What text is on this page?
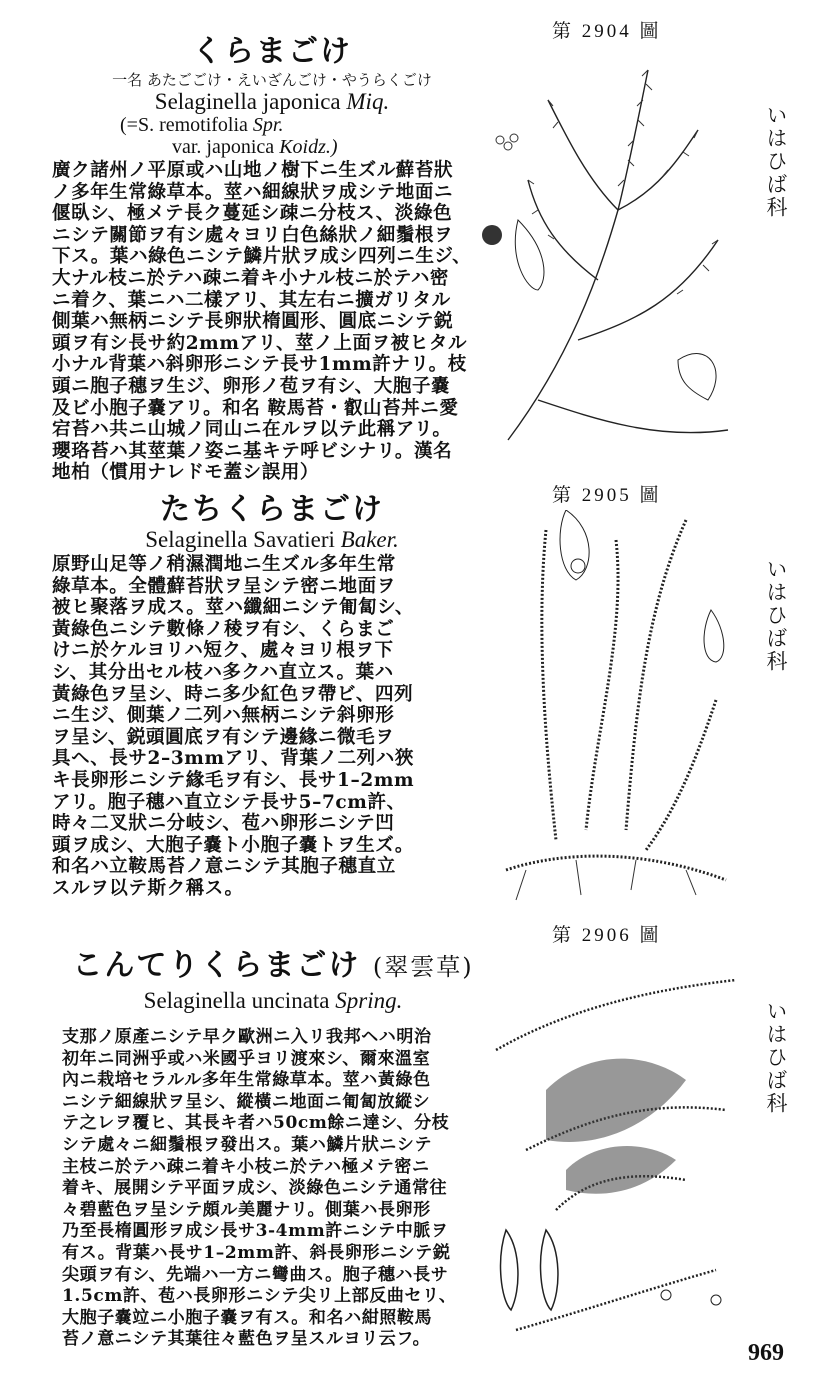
くらまごけ
一名 あたごごけ・えいざんごけ・やうらくごけ
Selaginella japonica Miq.
(=S. remotifolia Spr.
var. japonica Koidz.)
廣ク諸州ノ平原或ハ山地ノ樹下ニ生ズル蘚苔狀
ノ多年生常綠草本。莖ハ細線狀ヲ成シテ地面ニ
偃臥シ、極メテ長ク蔓延シ疎ニ分枝ス、淡綠色
ニシテ關節ヲ有シ處々ヨリ白色絲狀ノ細鬚根ヲ
下ス。葉ハ綠色ニシテ鱗片狀ヲ成シ四列ニ生ジ、
大ナル枝ニ於テハ疎ニ着キ小ナル枝ニ於テハ密
ニ着ク、葉ニハ二樣アリ、其左右ニ擴ガリタル
側葉ハ無柄ニシテ長卵狀楕圓形、圓底ニシテ鋭
頭ヲ有シ長サ約2mmアリ、莖ノ上面ヲ被ヒタル
小ナル背葉ハ斜卵形ニシテ長サ1mm許ナリ。枝
頭ニ胞子穗ヲ生ジ、卵形ノ苞ヲ有シ、大胞子嚢
及ビ小胞子嚢アリ。和名 鞍馬苔・叡山苔丼ニ愛
宕苔ハ共ニ山城ノ同山ニ在ルヲ以テ此稱アリ。
瓔珞苔ハ其莖葉ノ姿ニ基キテ呼ビシナリ。漢名
地柏（慣用ナレドモ蓋シ誤用）
たちくらまごけ
Selaginella Savatieri Baker.
原野山足等ノ稍濕潤地ニ生ズル多年生常
綠草本。全體蘚苔狀ヲ呈シテ密ニ地面ヲ
被ヒ聚落ヲ成ス。莖ハ纖細ニシテ匍匐シ、
黃綠色ニシテ數條ノ稜ヲ有シ、くらまご
けニ於ケルヨリハ短ク、處々ヨリ根ヲ下
シ、其分出セル枝ハ多クハ直立ス。葉ハ
黃綠色ヲ呈シ、時ニ多少紅色ヲ帶ビ、四列
ニ生ジ、側葉ノ二列ハ無柄ニシテ斜卵形
ヲ呈シ、鋭頭圓底ヲ有シテ邊緣ニ微毛ヲ
具ヘ、長サ2–3mmアリ、背葉ノ二列ハ狹
キ長卵形ニシテ緣毛ヲ有シ、長サ1–2mm
アリ。胞子穗ハ直立シテ長サ5–7cm許、
時々二叉狀ニ分岐シ、苞ハ卵形ニシテ凹
頭ヲ成シ、大胞子嚢ト小胞子嚢トヲ生ズ。
和名ハ立鞍馬苔ノ意ニシテ其胞子穗直立
スルヲ以テ斯ク稱ス。
こんてりくらまごけ (翠雲草)
Selaginella uncinata Spring.
支那ノ原產ニシテ早ク歐洲ニ入リ我邦ヘハ明治
初年ニ同洲乎或ハ米國乎ヨリ渡來シ、爾來溫室
內ニ栽培セラルル多年生常綠草本。莖ハ黃綠色
ニシテ細線狀ヲ呈シ、縱橫ニ地面ニ匍匐放縱シ
テ之レヲ覆ヒ、其長キ者ハ50cm餘ニ達シ、分枝
シテ處々ニ細鬚根ヲ發出ス。葉ハ鱗片狀ニシテ
主枝ニ於テハ疎ニ着キ小枝ニ於テハ極メテ密ニ
着キ、展開シテ平面ヲ成シ、淡綠色ニシテ通常往
々碧藍色ヲ呈シテ頗ル美麗ナリ。側葉ハ長卵形
乃至長楕圓形ヲ成シ長サ3-4mm許ニシテ中脈ヲ
有ス。背葉ハ長サ1–2mm許、斜長卵形ニシテ鋭
尖頭ヲ有シ、先端ハ一方ニ彎曲ス。胞子穗ハ長サ
1.5cm許、苞ハ長卵形ニシテ尖リ上部反曲セリ、
大胞子嚢竝ニ小胞子嚢ヲ有ス。和名ハ紺照鞍馬
苔ノ意ニシテ其葉往々藍色ヲ呈スルヨリ云フ。
第 2904 圖
第 2905 圖
第 2906 圖
いはひば科
いはひば科
いはひば科
969
